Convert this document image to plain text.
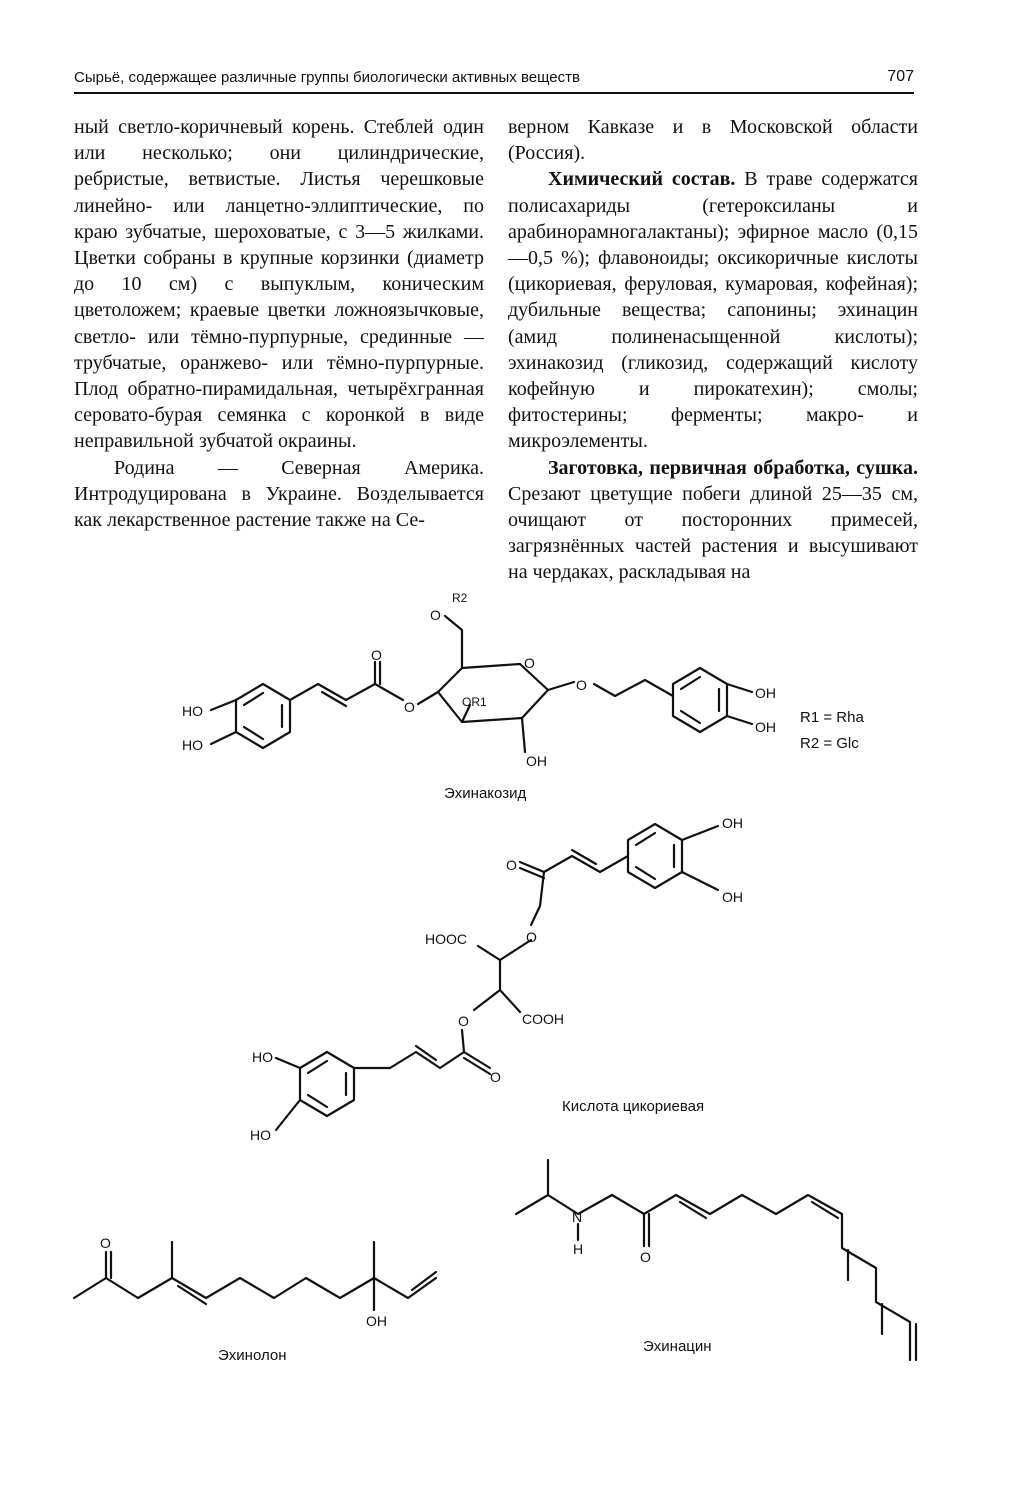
Сырьё, содержащее различные группы биологически активных веществ	707

ный светло-коричневый корень. Стеблей один или несколько; они цилиндрические, ребристые, ветвистые. Листья черешковые линейно- или ланцетно-эллиптические, по краю зубчатые, шероховатые, с 3—5 жилками. Цветки собраны в крупные корзинки (диаметр до 10 см) с выпуклым, коническим цветоложем; краевые цветки ложноязычковые, светло- или тёмно-пурпурные, срединные — трубчатые, оранжево- или тёмно-пурпурные. Плод обратно-пирамидальная, четырёхгранная серовато-бурая семянка с коронкой в виде неправильной зубчатой окраины.

Родина — Северная Америка. Интродуцирована в Украине. Возделывается как лекарственное растение также на Се-

верном Кавказе и в Московской области (Россия).

Химический состав. В траве содержатся полисахариды (гетероксиланы и арабинорамногалактаны); эфирное масло (0,15—0,5 %); флавоноиды; оксикоричные кислоты (цикориевая, феруловая, кумаровая, кофейная); дубильные вещества; сапонины; эхинацин (амид полиненасыщенной кислоты); эхинакозид (гликозид, содержащий кислоту кофейную и пирокатехин); смолы; фитостерины; ферменты; макро- и микроэлементы.

Заготовка, первичная обработка, сушка. Срезают цветущие побеги длиной 25—35 см, очищают от посторонних примесей, загрязнённых частей растения и высушивают на чердаках, раскладывая на

HO
HO
OH
OH
OH
O
O	O
O
O
R2
OR1
R1 = Rha
R2 = Glc
OH
OH
HO
HO
HOOC
COOH
O
O
O
O
O
OH
N
H	O
Эхинакозид
Кислота цикориевая
Эхинолон
Эхинацин
